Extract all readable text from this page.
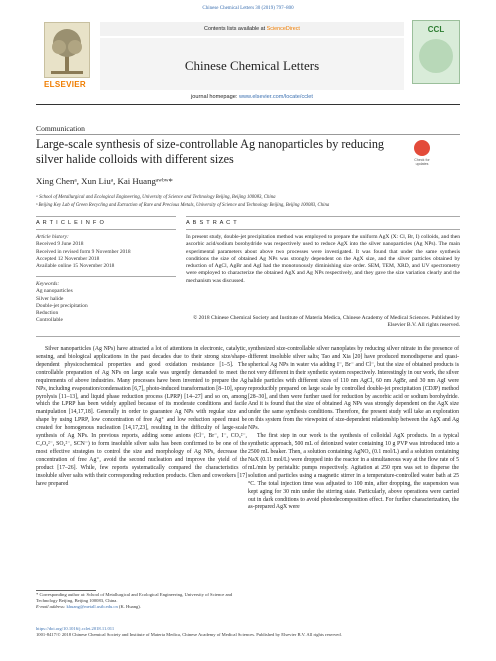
Chinese Chemical Letters 30 (2019) 797–800
ELSEVIER
Contents lists available at ScienceDirect
Chinese Chemical Letters
journal homepage: www.elsevier.com/locate/cclet
CCL
Communication
Large-scale synthesis of size-controllable Ag nanoparticles by reducing silver halide colloids with different sizes	Check for updates
Xing Chenᵃ, Xun Liuᵃ, Kai Huangᵃʷᵇʷ*
ᵃ School of Metallurgical and Ecological Engineering, University of Science and Technology Beijing, Beijing 100083, China
ᵇ Beijing Key Lab of Green Recycling and Extraction of Rare and Precious Metals, University of Science and Technology Beijing, Beijing 100083, China
A R T I C L E I N F O
Article history:
Received 9 June 2018
Received in revised form 9 November 2018
Accepted 12 November 2018
Available online 15 November 2018
Keywords:
Ag nanoparticles
Silver halide
Double-jet precipitation
Reduction
Controllable
A B S T R A C T
In present study, double-jet precipitation method was employed to prepare the uniform AgX (X: Cl, Br, I) colloids, and then ascorbic acid/sodium borohydride was respectively used to reduce AgX into the silver nanoparticles (Ag NPs). The main experimental parameters about above two processes were investigated. It was found that under the same synthesis conditions the size of obtained Ag NPs was strongly dependent on the AgX size, and the silver particles obtained by reduction of AgCl, AgBr and AgI had the monotonously diminishing size order. SEM, TEM, XRD, and UV spectrometry were employed to characterize the obtained AgX and Ag NPs respectively, and they gave the size variation clearly and the mechanism was discussed.
© 2018 Chinese Chemical Society and Institute of Materia Medica, Chinese Academy of Medical Sciences. Published by Elsevier B.V. All rights reserved.

Silver nanoparticles (Ag NPs) have attracted a lot of attentions in electronic, catalytic, sensing, and biological applications in the past decades due to their strong size/shape-dependent physicochemical properties and good oxidation resistance [1–5]. The controllable preparation of Ag NPs on large scale was urgently demanded to meet the requirements of above industries. Many processes have been invented to prepare the Ag NPs, including evaporation/condensation [6,7], photo-induced transformation [8–10], spray pyrolysis [11–13], and liquid phase reduction process (LPRP) [14–27] and so on, among which the LPRP has been widely applied because of its moderate conditions and facile manipulation [14,17,18]. Generally in order to guarantee Ag NPs with regular size and shape by using LPRP, low concentration of free Ag⁺ and low reduction speed must be created for homogenous nucleation [14,17,23], resulting in the difficulty of large-scale synthesis of Ag NPs. In previous reports, adding some anions (Cl⁻, Br⁻, I⁻, CO₃²⁻, C₂O₄²⁻, SO₄²⁻, SCN⁻) to form insoluble silver salts has been confirmed to be one of the most effective strategies to control the size and morphology of Ag NPs, decrease the concentration of free Ag⁺, avoid the second nucleation and improve the yield of the product [17–26]. While, few reports systematically compared the characteristics of insoluble silver salts with their corresponding reduction products. Chen and coworkers [17] have prepared

synthesized size-controllable silver nanoplates by reducing silver nitrate in the presence of different insoluble silver salts; Tao and Xia [20] have produced monodisperse and quasi-spherical Ag NPs in water via adding I⁻, Br⁻ and Cl⁻, but the size of obtained products is not very different in their synthetic system respectively. Interestingly in our work, the silver halide particles with different sizes of 110 nm AgCl, 60 nm AgBr, and 30 nm AgI were reproducibly prepared on large scale by controlled double-jet precipitation (CDJP) method [28–30], and then were further used for reduction by ascorbic acid or sodium borohydride. And it is found that the size of obtained Ag NPs was strongly dependent on the AgX size under the same synthesis conditions. Therefore, the present study will take an exploration on this system from the viewpoint of size-dependent relationship between the AgX and Ag NPs.

The first step in our work is the synthesis of colloidal AgX products. In a typical synthetic approach, 500 mL of deionized water containing 10 g PVP was introduced into a 2500 mL beaker. Then, a solution containing AgNO₃ (0.1 mol/L) and a solution containing NaX (0.11 mol/L) were dropped into the reactor in a simultaneous way at the flow rate of 5 mL/min by peristaltic pumps respectively. Agitation at 250 rpm was set to disperse the solution and particles using a magnetic stirrer in a temperature-controlled water bath at 25 °C. The total injection time was adjusted to 100 min, after dropping, the suspension was kept aging for 30 min under the stirring state. Particularly, above operations were carried out in dark conditions to avoid photodecomposition effect. For further characterization, the as-prepared AgX were

* Corresponding author at: School of Metallurgical and Ecological Engineering, University of Science and Technology Beijing, Beijing 100083, China.
E-mail address: khuang@metall.ustb.edu.cn (K. Huang).
https://doi.org/10.1016/j.cclet.2018.11.011
1001-8417/© 2018 Chinese Chemical Society and Institute of Materia Medica, Chinese Academy of Medical Sciences. Published by Elsevier B.V. All rights reserved.
